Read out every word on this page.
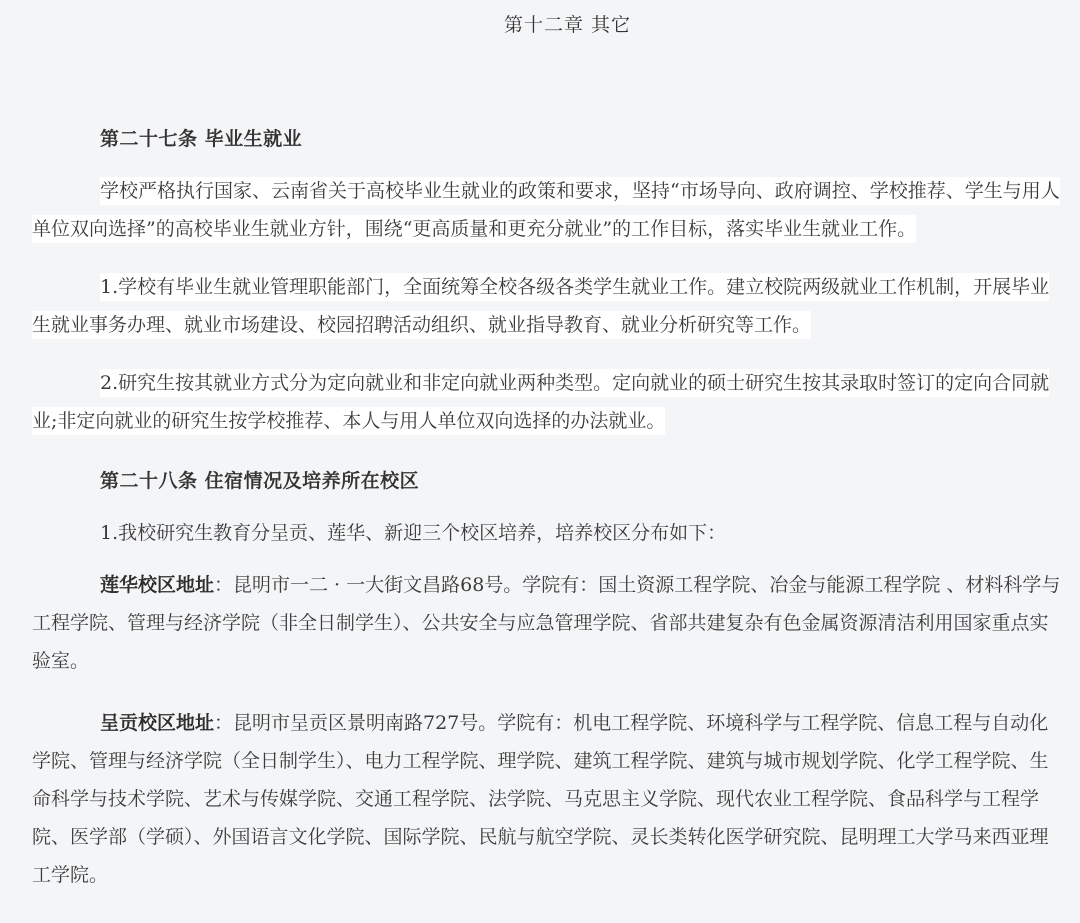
第十二章 其它
第二十七条 毕业生就业
学校严格执行国家、云南省关于高校毕业生就业的政策和要求，坚持“市场导向、政府调控、学校推荐、学生与用人单位双向选择”的高校毕业生就业方针，围绕“更高质量和更充分就业”的工作目标，落实毕业生就业工作。
1.学校有毕业生就业管理职能部门，全面统筹全校各级各类学生就业工作。建立校院两级就业工作机制，开展毕业生就业事务办理、就业市场建设、校园招聘活动组织、就业指导教育、就业分析研究等工作。
2.研究生按其就业方式分为定向就业和非定向就业两种类型。定向就业的硕士研究生按其录取时签订的定向合同就业;非定向就业的研究生按学校推荐、本人与用人单位双向选择的办法就业。
第二十八条 住宿情况及培养所在校区
1.我校研究生教育分呈贡、莲华、新迎三个校区培养，培养校区分布如下：
莲华校区地址：昆明市一二 · 一大街文昌路68号。学院有：国土资源工程学院、冶金与能源工程学院 、材料科学与工程学院、管理与经济学院（非全日制学生）、公共安全与应急管理学院、省部共建复杂有色金属资源清洁利用国家重点实验室。
呈贡校区地址：昆明市呈贡区景明南路727号。学院有：机电工程学院、环境科学与工程学院、信息工程与自动化学院、管理与经济学院（全日制学生）、电力工程学院、理学院、建筑工程学院、建筑与城市规划学院、化学工程学院、生命科学与技术学院、艺术与传媒学院、交通工程学院、法学院、马克思主义学院、现代农业工程学院、食品科学与工程学院、医学部（学硕）、外国语言文化学院、国际学院、民航与航空学院、灵长类转化医学研究院、昆明理工大学马来西亚理工学院。
